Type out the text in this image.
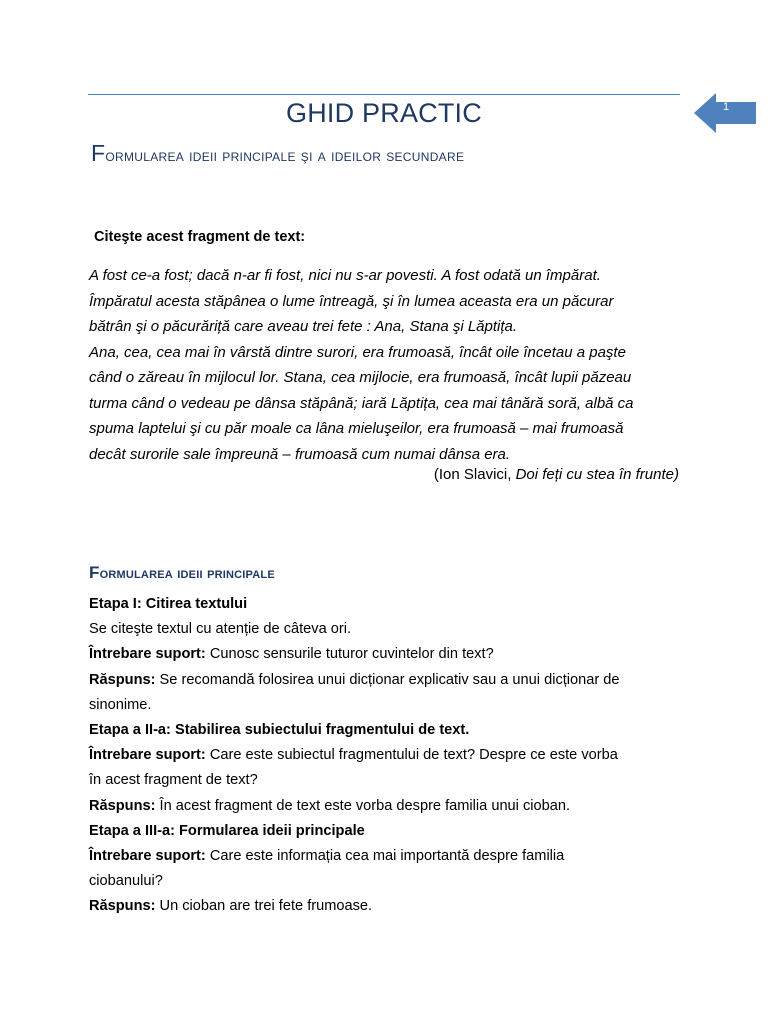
1
GHID PRACTIC
Formularea ideii principale şi a ideilor secundare
Citeşte acest fragment de text:
A fost ce-a fost; dacă n-ar fi fost, nici nu s-ar povesti. A fost odată un împărat.
Împăratul acesta stăpânea o lume întreagă, şi în lumea aceasta era un păcurar
bătrân şi o păcurăriță care aveau trei fete : Ana, Stana şi Lăptița.
Ana, cea, cea mai în vârstă dintre surori, era frumoasă, încât oile încetau a paşte
când o zăreau în mijlocul lor. Stana, cea mijlocie, era frumoasă, încât lupii păzeau
turma când o vedeau pe dânsa stăpână; iară Lăptița, cea mai tânără soră, albă ca
spuma laptelui şi cu păr moale ca lâna mieluşeilor, era frumoasă – mai frumoasă
decât surorile sale împreună – frumoasă cum numai dânsa era.
(Ion Slavici, Doi feți cu stea în frunte)
Formularea ideii principale
Etapa I: Citirea textului
Se citeşte textul cu atenție de câteva ori.
Întrebare suport: Cunosc sensurile tuturor cuvintelor din text?
Răspuns: Se recomandă folosirea unui dicționar explicativ sau a unui dicționar de
sinonime.
Etapa a II-a: Stabilirea subiectului fragmentului de text.
Întrebare suport: Care este subiectul fragmentului de text? Despre ce este vorba
în acest fragment de text?
Răspuns: În acest fragment de text este vorba despre familia unui cioban.
Etapa a III-a: Formularea ideii principale
Întrebare suport: Care este informația cea mai importantă despre familia
ciobanului?
Răspuns: Un cioban are trei fete frumoase.
